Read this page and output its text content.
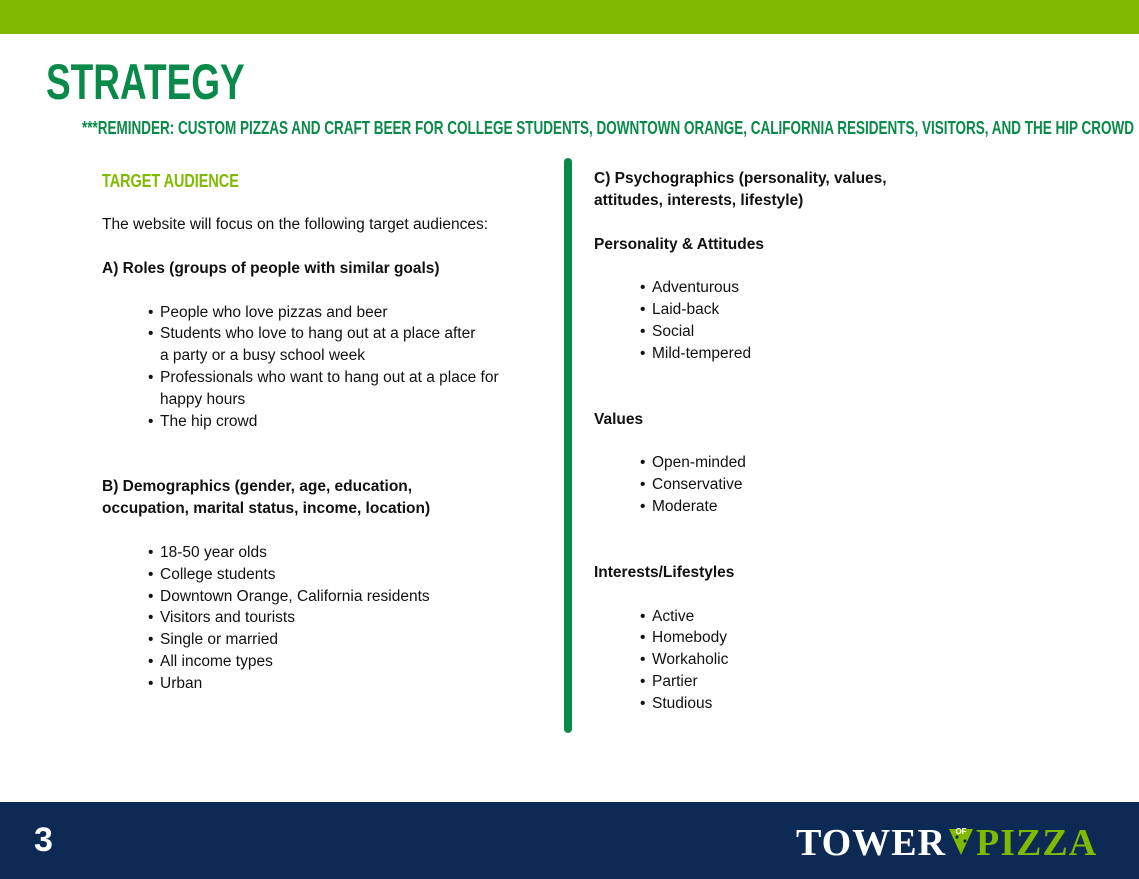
STRATEGY
***REMINDER: CUSTOM PIZZAS AND CRAFT BEER FOR COLLEGE STUDENTS, DOWNTOWN ORANGE, CALIFORNIA RESIDENTS, VISITORS, AND THE HIP CROWD
TARGET AUDIENCE

The website will focus on the following target audiences:

A) Roles (groups of people with similar goals)

• People who love pizzas and beer
• Students who love to hang out at a place after a party or a busy school week
• Professionals who want to hang out at a place for happy hours
• The hip crowd

B) Demographics (gender, age, education, occupation, marital status, income, location)

• 18-50 year olds
• College students
• Downtown Orange, California residents
• Visitors and tourists
• Single or married
• All income types
• Urban

C) Psychographics (personality, values, attitudes, interests, lifestyle)

Personality & Attitudes

• Adventurous
• Laid-back
• Social
• Mild-tempered

Values

• Open-minded
• Conservative
• Moderate

Interests/Lifestyles

• Active
• Homebody
• Workaholic
• Partier
• Studious
3	TOWER	OF PIZZA
